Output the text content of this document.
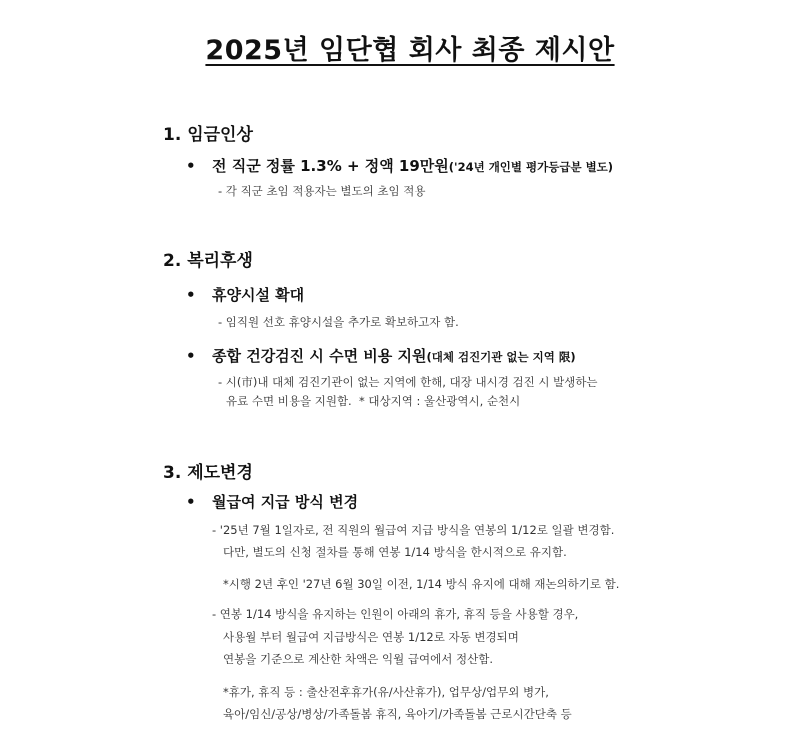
2025년 임단협 회사 최종 제시안
1. 임금인상
• 전 직군 정률 1.3% + 정액 19만원('24년 개인별 평가등급분 별도)
- 각 직군 초임 적용자는 별도의 초임 적용
2. 복리후생
• 휴양시설 확대
- 임직원 선호 휴양시설을 추가로 확보하고자 함.
• 종합 건강검진 시 수면 비용 지원(대체 검진기관 없는 지역 限)
- 시(市)내 대체 검진기관이 없는 지역에 한해, 대장 내시경 검진 시 발생하는
유료 수면 비용을 지원함.  * 대상지역 : 울산광역시, 순천시
3. 제도변경
• 월급여 지급 방식 변경
- '25년 7월 1일자로, 전 직원의 월급여 지급 방식을 연봉의 1/12로 일괄 변경함.
다만, 별도의 신청 절차를 통해 연봉 1/14 방식을 한시적으로 유지함.
*시행 2년 후인 '27년 6월 30일 이전, 1/14 방식 유지에 대해 재논의하기로 함.
- 연봉 1/14 방식을 유지하는 인원이 아래의 휴가, 휴직 등을 사용할 경우,
사용월 부터 월급여 지급방식은 연봉 1/12로 자동 변경되며
연봉을 기준으로 계산한 차액은 익월 급여에서 정산함.
*휴가, 휴직 등 : 출산전후휴가(유/사산휴가), 업무상/업무외 병가,
육아/임신/공상/병상/가족돌봄 휴직, 육아기/가족돌봄 근로시간단축 등
